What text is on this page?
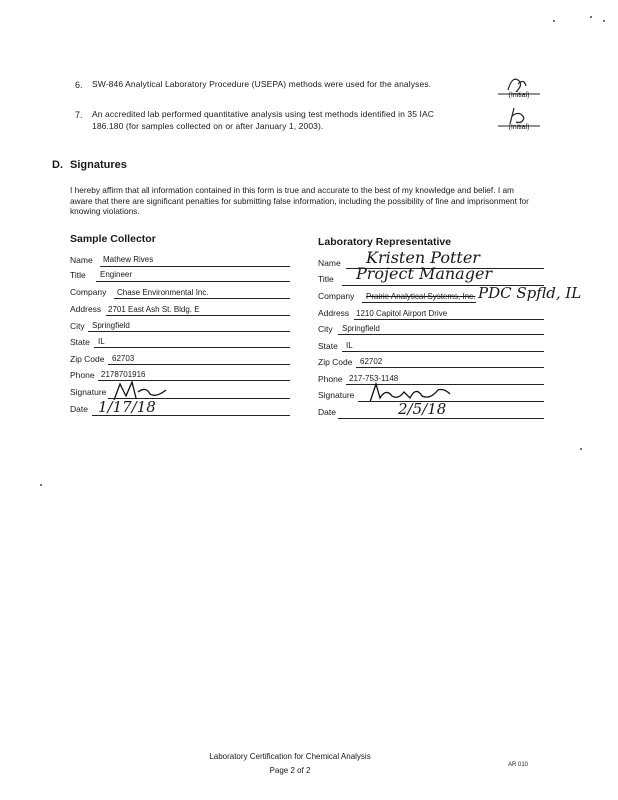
6. SW-846 Analytical Laboratory Procedure (USEPA) methods were used for the analyses.
7. An accredited lab performed quantitative analysis using test methods identified in 35 IAC
186.180 (for samples collected on or after January 1, 2003).
(Initial)
(Initial)
D. Signatures
I hereby affirm that all information contained in this form is true and accurate to the best of my knowledge and belief. I am aware that there are significant penalties for submitting false information, including the possibility of fine and imprisonment for knowing violations.
Sample Collector
Name Mathew Rives
Title Engineer
Company Chase Environmental Inc.
Address 2701 East Ash St. Bldg. E
City Springfield
State IL
Zip Code 62703
Phone 2178701916
Signature
Date 1/17/18
Laboratory Representative
Name Kristen Potter
Title Project Manager
Company Prairie Analytical Systems, Inc. PDC Spfld, IL
Address 1210 Capitol Airport Drive
City Springfield
State IL
Zip Code 62702
Phone 217-753-1148
Signature
Date	2/5/18
Laboratory Certification for Chemical Analysis
Page 2 of 2
AR 010
